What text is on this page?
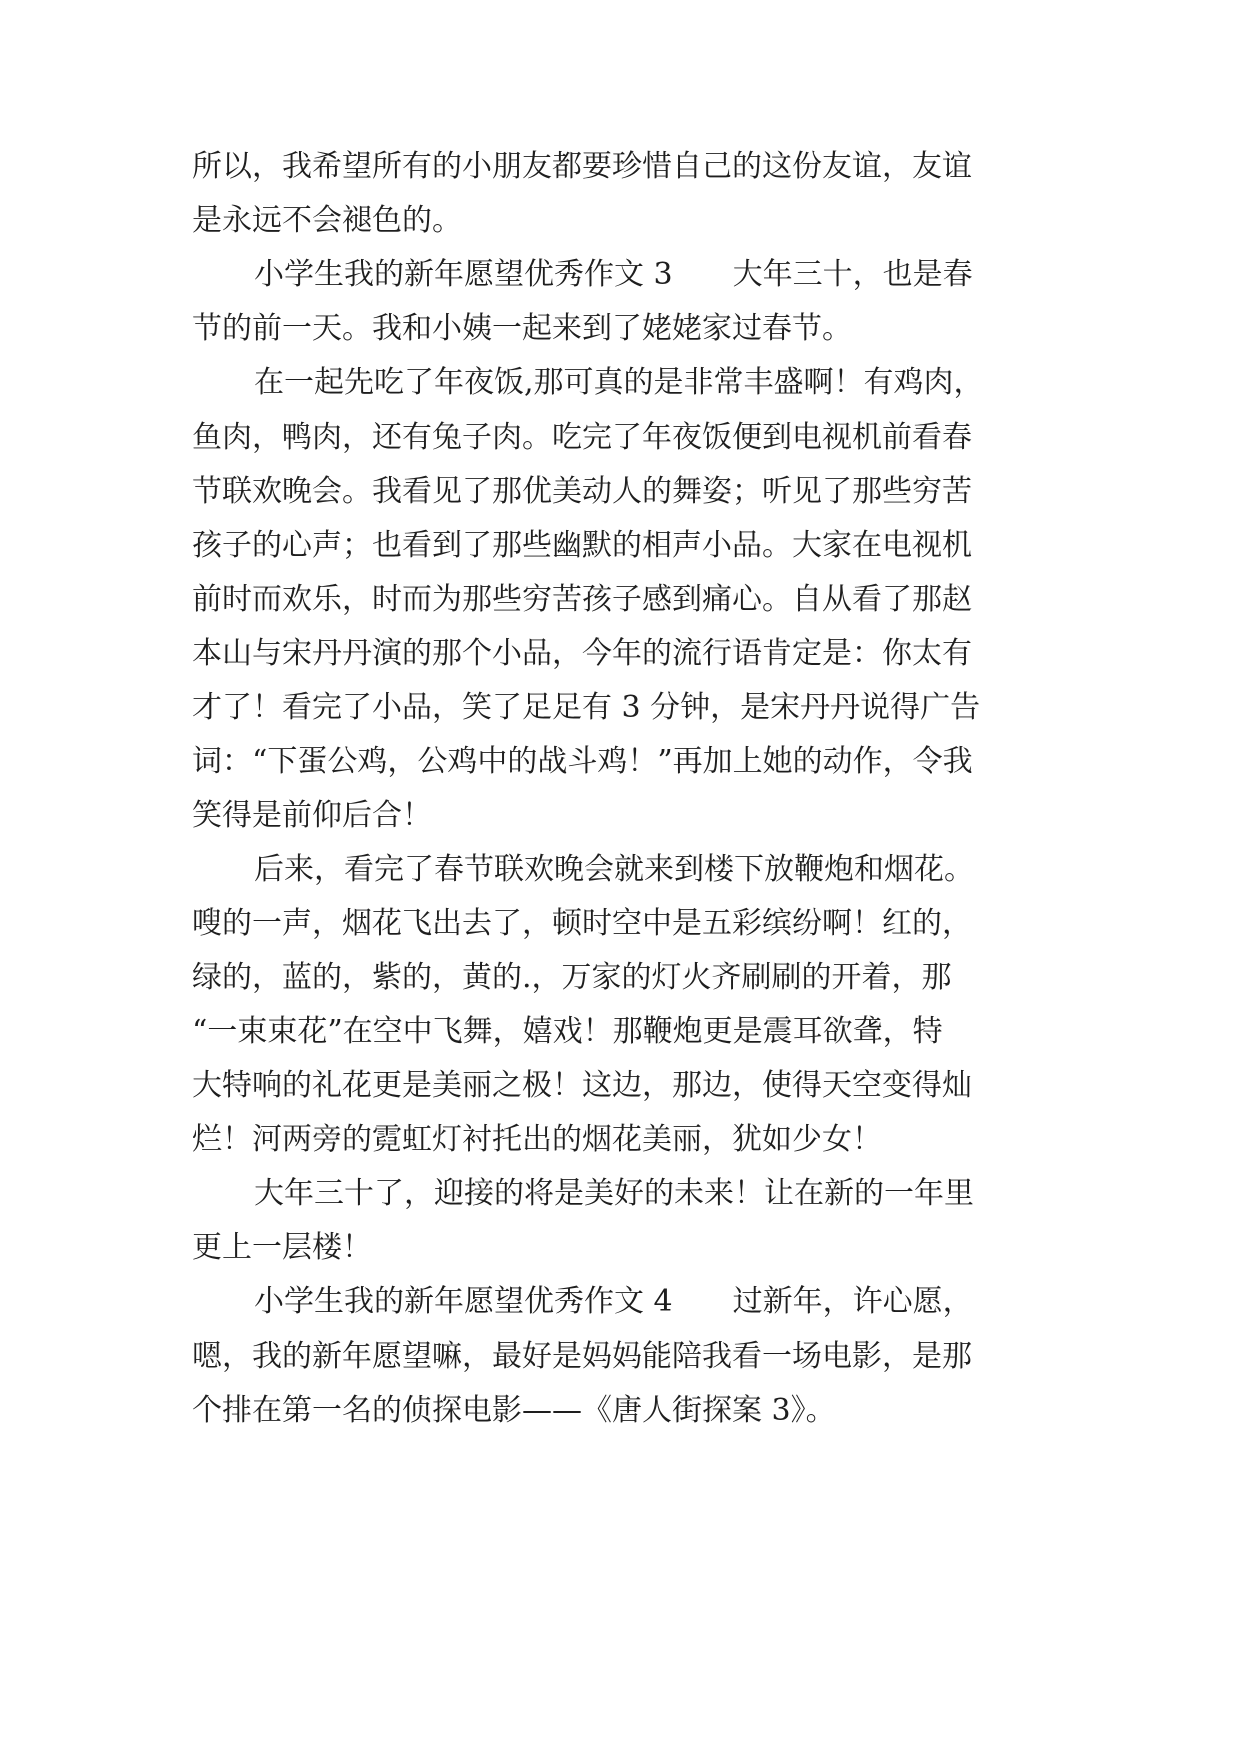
所以，我希望所有的小朋友都要珍惜自己的这份友谊，友谊
是永远不会褪色的。
小学生我的新年愿望优秀作文 3　　大年三十，也是春
节的前一天。我和小姨一起来到了姥姥家过春节。
在一起先吃了年夜饭,那可真的是非常丰盛啊！有鸡肉，
鱼肉，鸭肉，还有兔子肉。吃完了年夜饭便到电视机前看春
节联欢晚会。我看见了那优美动人的舞姿；听见了那些穷苦
孩子的心声；也看到了那些幽默的相声小品。大家在电视机
前时而欢乐，时而为那些穷苦孩子感到痛心。自从看了那赵
本山与宋丹丹演的那个小品，今年的流行语肯定是：你太有
才了！看完了小品，笑了足足有 3 分钟，是宋丹丹说得广告
词：“下蛋公鸡，公鸡中的战斗鸡！”再加上她的动作，令我
笑得是前仰后合！
后来，看完了春节联欢晚会就来到楼下放鞭炮和烟花。
嗖的一声，烟花飞出去了，顿时空中是五彩缤纷啊！红的，
绿的，蓝的，紫的，黄的.，万家的灯火齐刷刷的开着，那
“一束束花”在空中飞舞，嬉戏！那鞭炮更是震耳欲聋，特
大特响的礼花更是美丽之极！这边，那边，使得天空变得灿
烂！河两旁的霓虹灯衬托出的烟花美丽，犹如少女！
大年三十了，迎接的将是美好的未来！让在新的一年里
更上一层楼！
小学生我的新年愿望优秀作文 4　　过新年，许心愿，
嗯，我的新年愿望嘛，最好是妈妈能陪我看一场电影，是那
个排在第一名的侦探电影——《唐人街探案 3》。
